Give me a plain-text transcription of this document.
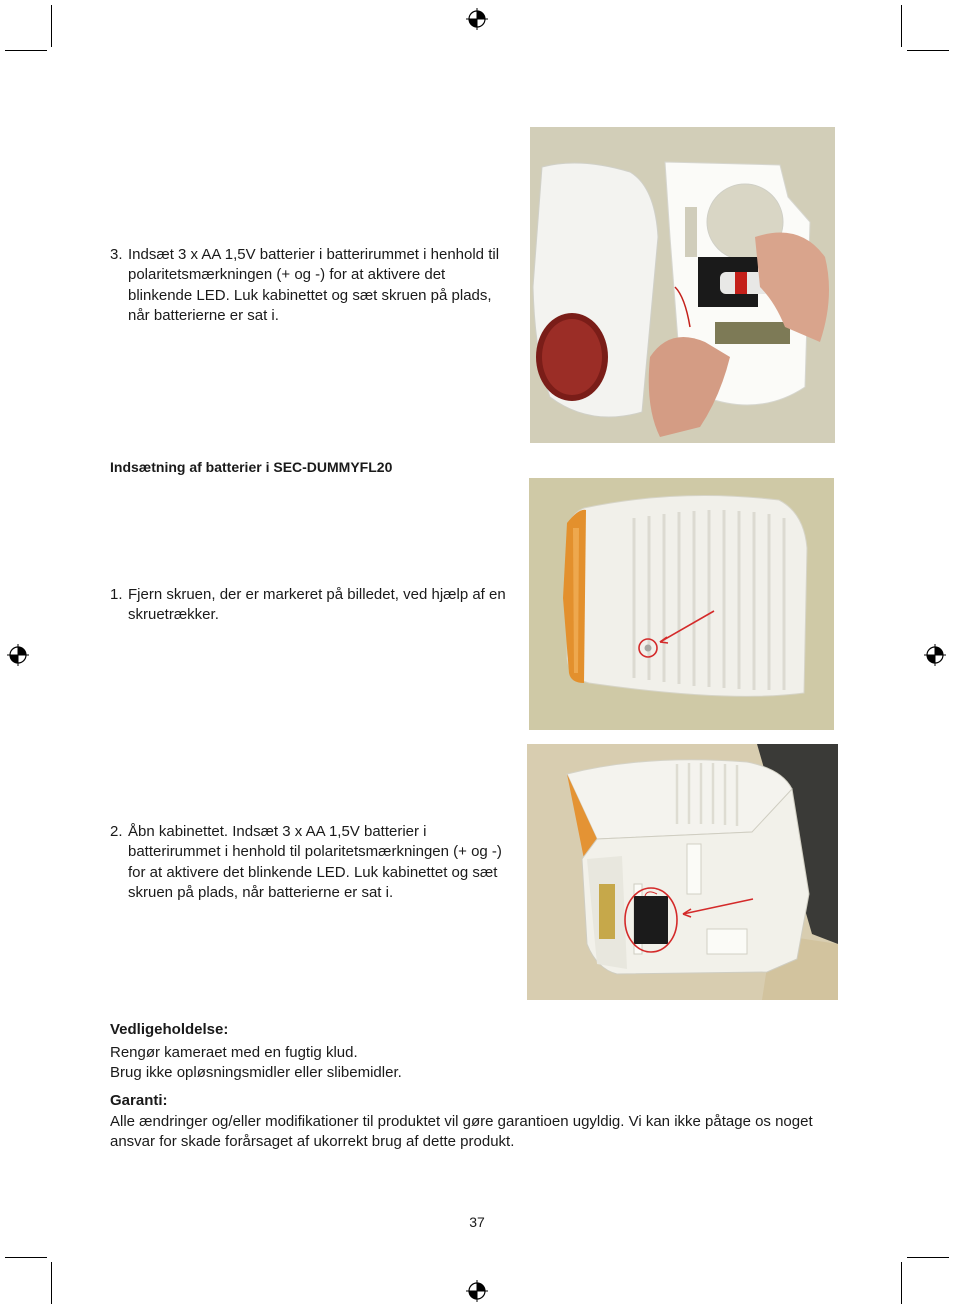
3. Indsæt 3 x AA 1,5V batterier i batterirummet i henhold til polaritetsmærkningen (+ og -) for at aktivere det blinkende LED. Luk kabinettet og sæt skruen på plads, når batterierne er sat i.
Indsætning af batterier i SEC-DUMMYFL20
1. Fjern skruen, der er markeret på billedet, ved hjælp af en skruetrækker.
2. Åbn kabinettet. Indsæt 3 x AA 1,5V batterier i batterirummet i henhold til polaritetsmærkningen (+ og -) for at aktivere det blinkende LED. Luk kabinettet og sæt skruen på plads, når batterierne er sat i.
Vedligeholdelse:
Rengør kameraet med en fugtig klud.
Brug ikke opløsningsmidler eller slibemidler.
Garanti:
Alle ændringer og/eller modifikationer til produktet vil gøre garantioen ugyldig. Vi kan ikke påtage os noget ansvar for skade forårsaget af ukorrekt brug af dette produkt.
37
